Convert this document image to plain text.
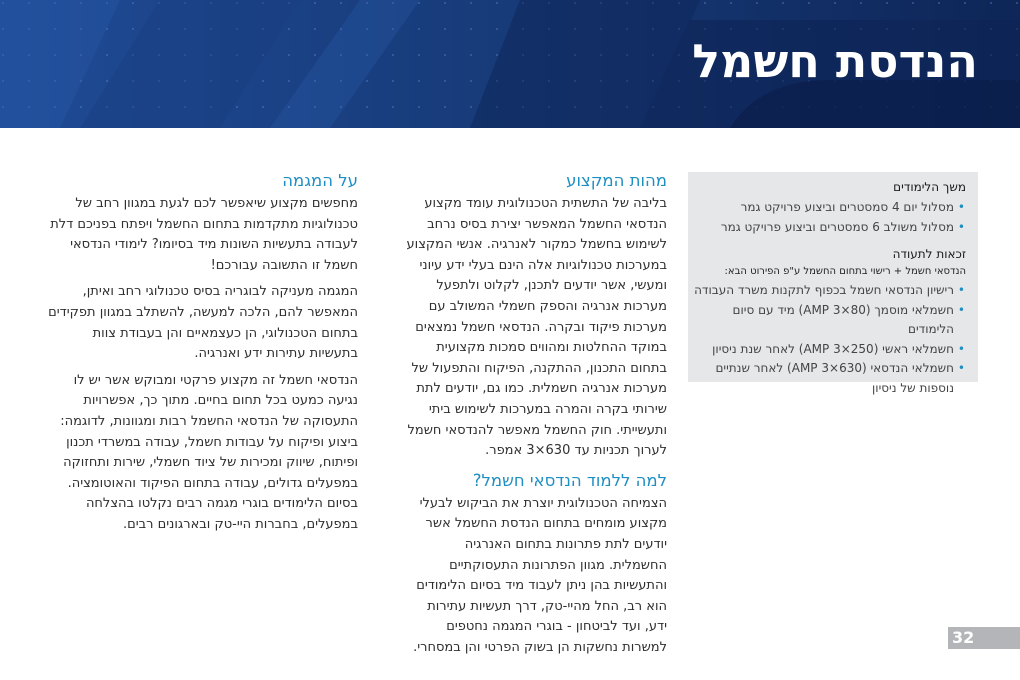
הנדסת חשמל
משך הלימודים
• מסלול יום 4 סמסטרים וביצוע פרויקט גמר
• מסלול משולב 6 סמסטרים וביצוע פרויקט גמר
זכאות לתעודה
הנדסאי חשמל + רישוי בתחום החשמל ע"פ הפירוט הבא:
• רישיון הנדסאי חשמל בכפוף לתקנות משרד העבודה
• חשמלאי מוסמך (80×3 AMP) מיד עם סיום הלימודים
• חשמלאי ראשי (250×3 AMP) לאחר שנת ניסיון
• חשמלאי הנדסאי (630×3 AMP) לאחר שנתיים נוספות של ניסיון
מהות המקצוע

בליבה של התשתית הטכנולוגית עומד מקצוע הנדסאי החשמל המאפשר יצירת בסיס נרחב לשימוש בחשמל כמקור לאנרגיה. אנשי המקצוע במערכות טכנולוגיות אלה הינם בעלי ידע עיוני ומעשי, אשר יודעים לתכנן, לקלוט ולתפעל מערכות אנרגיה והספק חשמלי המשולב עם מערכות פיקוד ובקרה. הנדסאי חשמל נמצאים במוקד ההחלטות ומהווים סמכות מקצועית בתחום התכנון, ההתקנה, הפיקוח והתפעול של מערכות אנרגיה חשמלית. כמו גם, יודעים לתת שירותי בקרה והמרה במערכות לשימוש ביתי ותעשייתי. חוק החשמל מאפשר להנדסאי חשמל לערוך תכניות עד 630×3 אמפר.

למה ללמוד הנדסאי חשמל?

הצמיחה הטכנולוגית יוצרת את הביקוש לבעלי מקצוע מומחים בתחום הנדסת החשמל אשר יודעים לתת פתרונות בתחום האנרגיה החשמלית. מגוון הפתרונות התעסוקתיים והתעשיות בהן ניתן לעבוד מיד בסיום הלימודים הוא רב, החל מהיי-טק, דרך תעשיות עתירות ידע, ועד לביטחון - בוגרי המגמה נחטפים למשרות נחשקות הן בשוק הפרטי והן במסחרי.

על המגמה

מחפשים מקצוע שיאפשר לכם לגעת במגוון רחב של טכנולוגיות מתקדמות בתחום החשמל ויפתח בפניכם דלת לעבודה בתעשיות השונות מיד בסיומו? לימודי הנדסאי חשמל זו התשובה עבורכם!

המגמה מעניקה לבוגריה בסיס טכנולוגי רחב ואיתן, המאפשר להם, הלכה למעשה, להשתלב במגוון תפקידים בתחום הטכנולוגי, הן כעצמאיים והן בעבודת צוות בתעשיות עתירות ידע ואנרגיה.

הנדסאי חשמל זה מקצוע פרקטי ומבוקש אשר יש לו נגיעה כמעט בכל תחום בחיים. מתוך כך, אפשרויות התעסוקה של הנדסאי החשמל רבות ומגוונות, לדוגמה: ביצוע ופיקוח על עבודות חשמל, עבודה במשרדי תכנון ופיתוח, שיווק ומכירות של ציוד חשמלי, שירות ותחזוקה במפעלים גדולים, עבודה בתחום הפיקוד והאוטומציה. בסיום הלימודים בוגרי מגמה רבים נקלטו בהצלחה במפעלים, בחברות היי-טק ובארגונים רבים.

32
